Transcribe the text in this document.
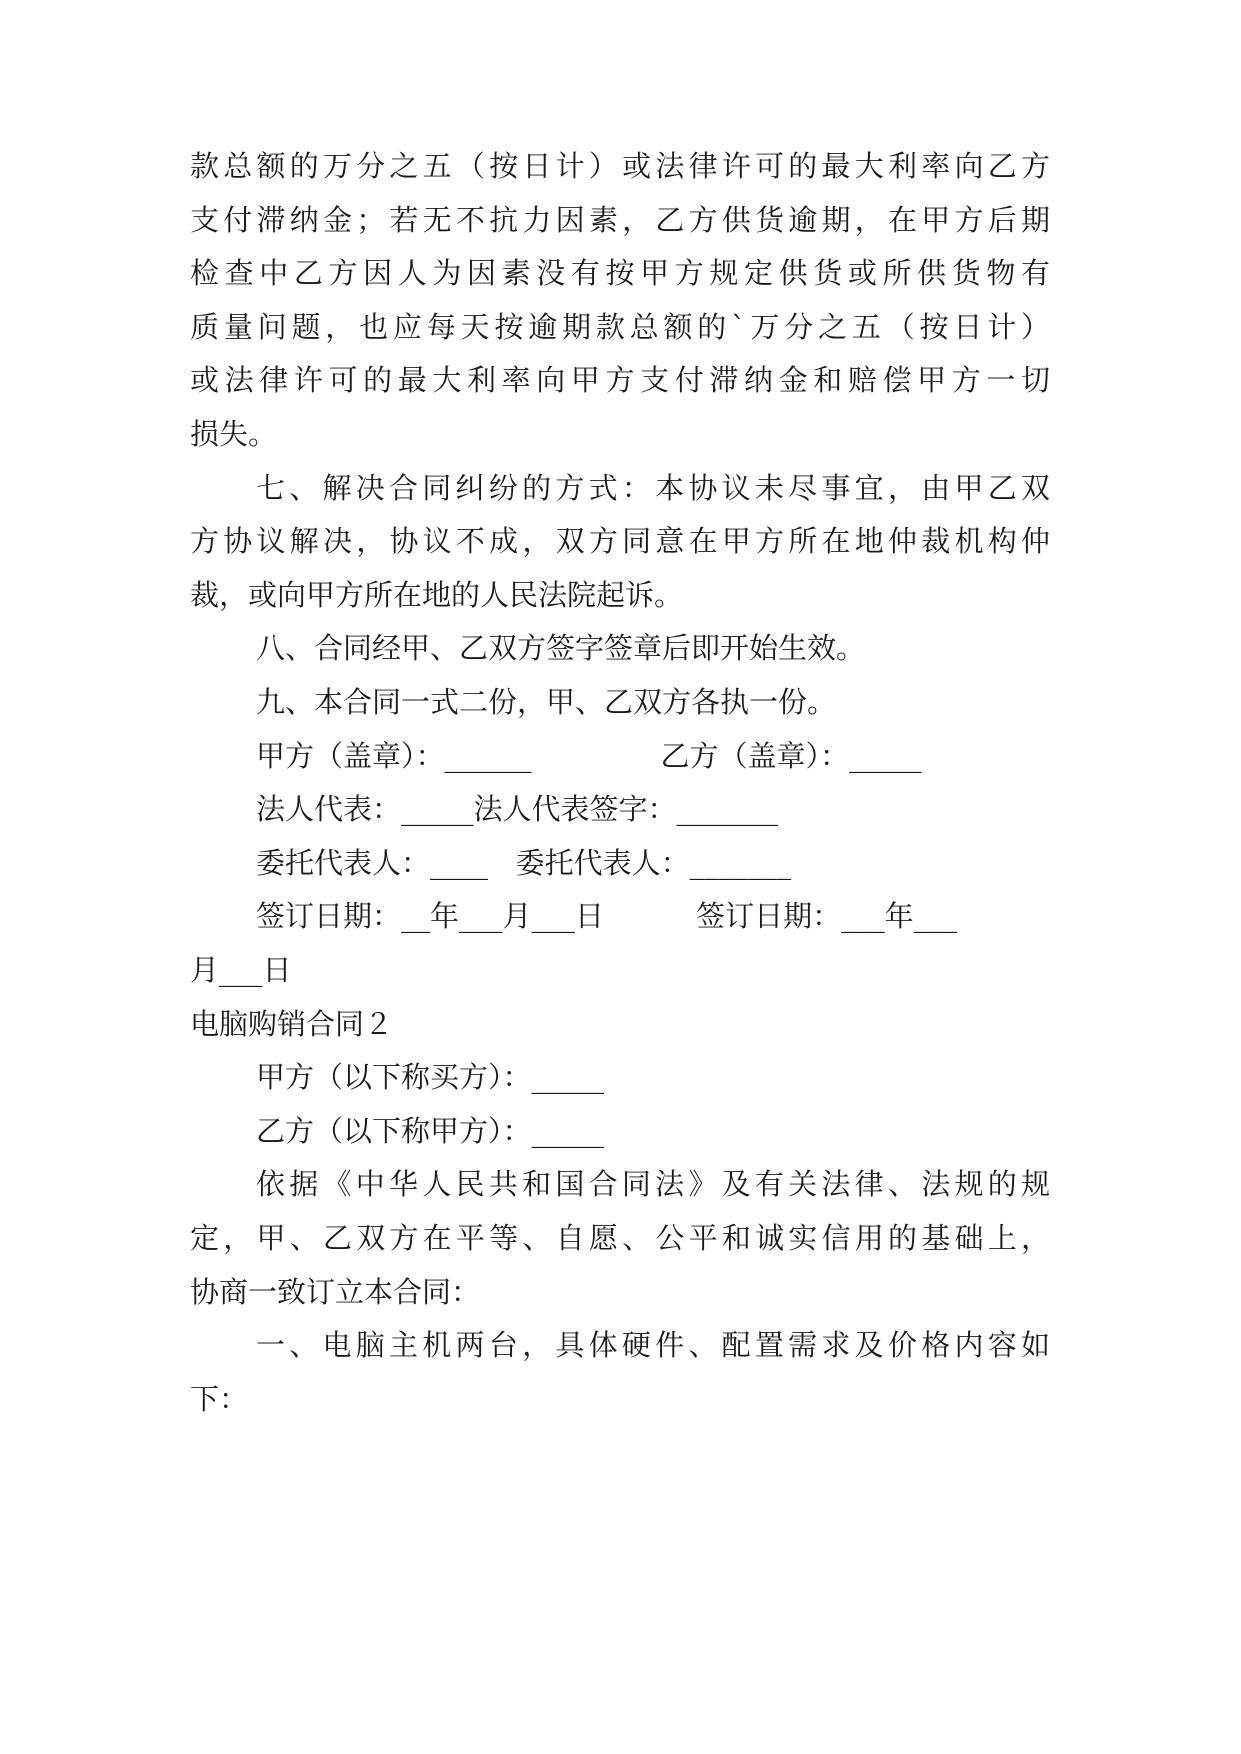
款总额的万分之五（按日计）或法律许可的最大利率向乙方
支付滞纳金；若无不抗力因素，乙方供货逾期，在甲方后期
检查中乙方因人为因素没有按甲方规定供货或所供货物有
质量问题，也应每天按逾期款总额的`万分之五（按日计）
或法律许可的最大利率向甲方支付滞纳金和赔偿甲方一切
损失。
七、解决合同纠纷的方式：本协议未尽事宜，由甲乙双
方协议解决，协议不成，双方同意在甲方所在地仲裁机构仲
裁，或向甲方所在地的人民法院起诉。
八、合同经甲、乙双方签字签章后即开始生效。
九、本合同一式二份，甲、乙双方各执一份。
甲方（盖章）：______              乙方（盖章）：_____
法人代表：_____法人代表签字：_______
委托代表人：____   委托代表人：_______
签订日期：__年___月___日          签订日期：___年___
月___日
电脑购销合同２
甲方（以下称买方）：_____
乙方（以下称甲方）：_____
依据《中华人民共和国合同法》及有关法律、法规的规
定，甲、乙双方在平等、自愿、公平和诚实信用的基础上，
协商一致订立本合同：
一、电脑主机两台，具体硬件、配置需求及价格内容如
下：
